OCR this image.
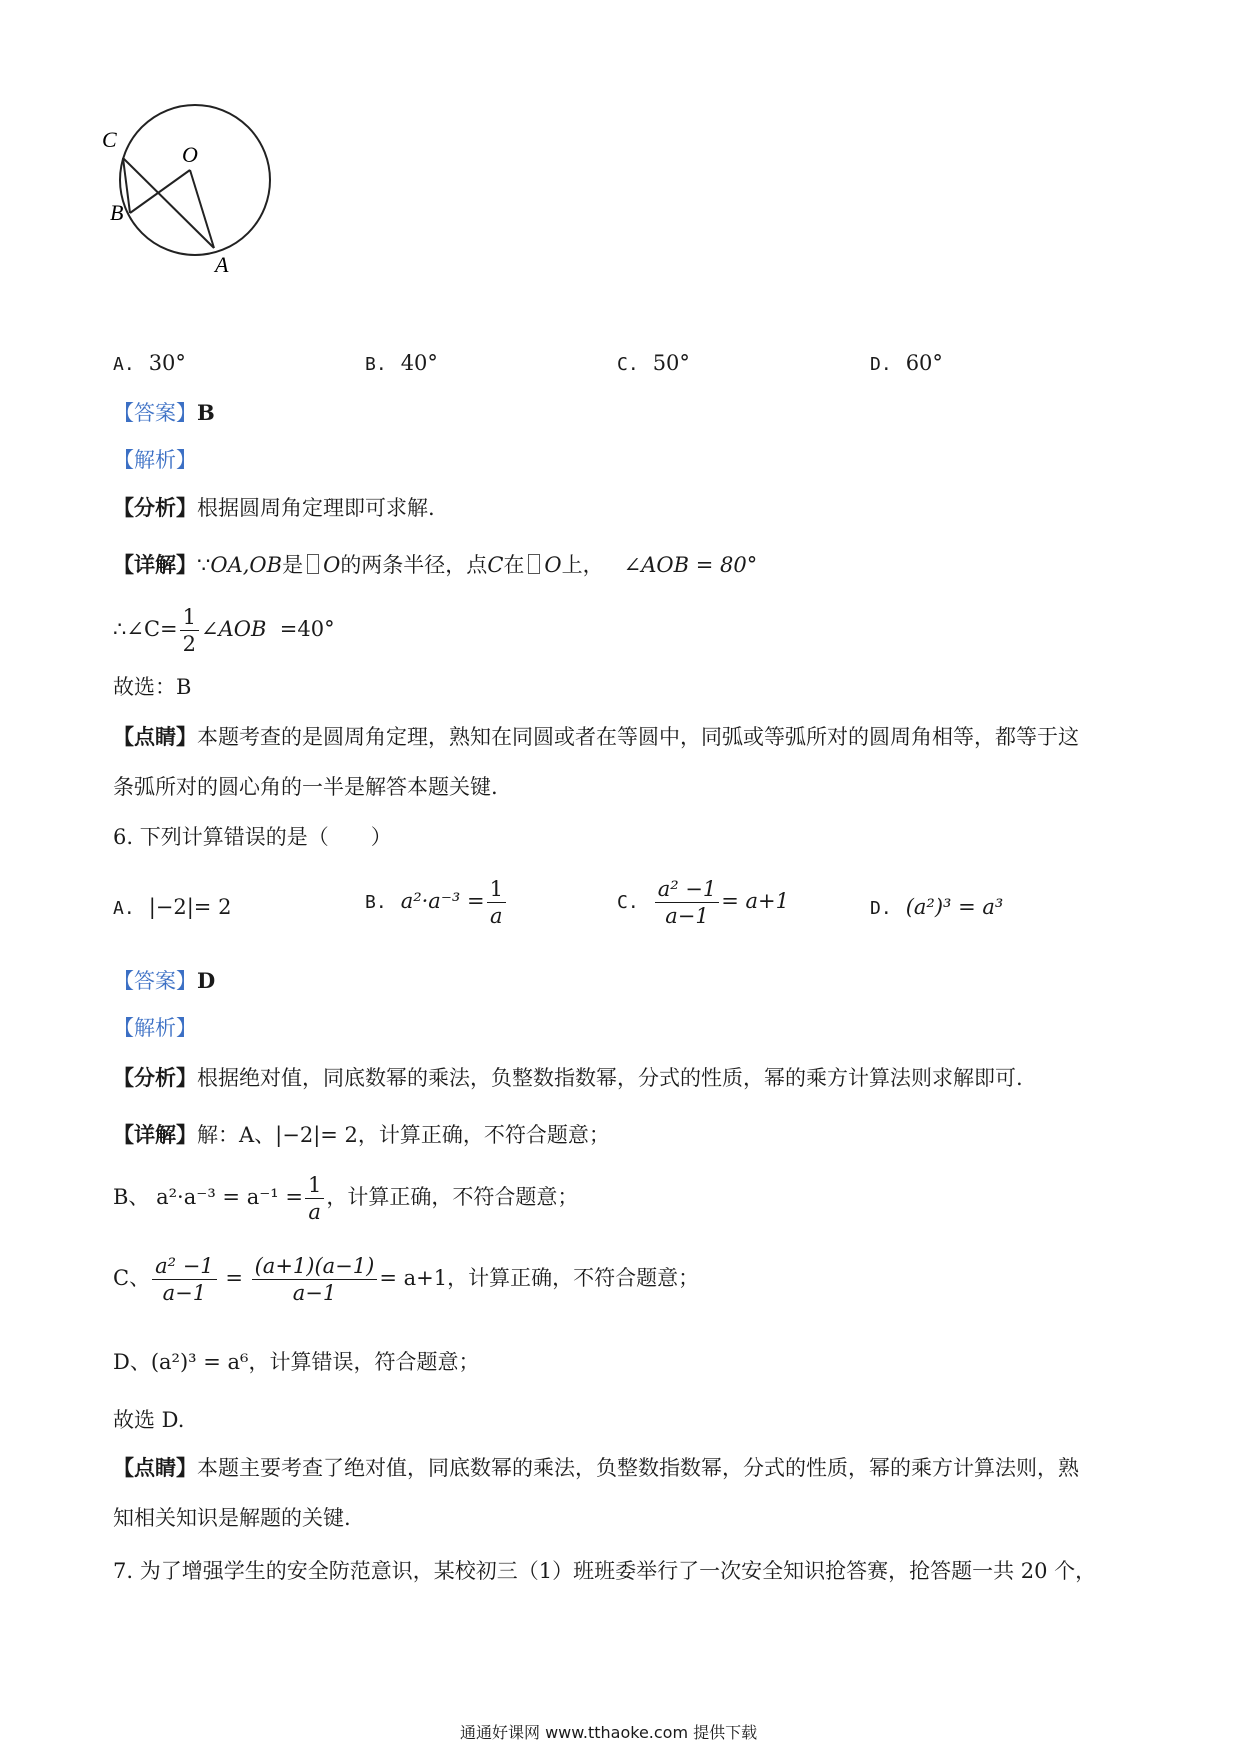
C
O
B
A
A. 30°	B. 40°	C. 50°	D. 60°
【答案】B
【解析】
【分析】根据圆周角定理即可求解.
【详解】∵OA,OB是 O的两条半径，点C在 O上， ∠AOB = 80°
∴∠C= $\frac{1}{2}$ ∠AOB =40°
故选：B
【点睛】本题考查的是圆周角定理，熟知在同圆或者在等圆中，同弧或等弧所对的圆周角相等，都等于这
条弧所对的圆心角的一半是解答本题关键.
6. 下列计算错误的是（　　）
A. |−2|= 2	B. $a^2\cdot a^{-3} = \frac{1}{a}$	C. $\frac{\text{a² −1}}{a-1} = a+1$	D. (a²)³ = a³
【答案】D
【解析】
【分析】根据绝对值，同底数幂的乘法，负整数指数幂，分式的性质，幂的乘方计算法则求解即可.
【详解】解：A、|−2|= 2，计算正确，不符合题意；
B、 $a^2\cdot a^{-3} = a^{-1} = \frac{1}{a}$ ，计算正确，不符合题意；
C、 $\frac{\text{a² −1}}{a-1} = \frac{(a+1)(a-1)}{a-1} = a+1$，计算正确，不符合题意；
D、(a²)³ = a⁶，计算错误，符合题意；
故选 D.
【点睛】本题主要考查了绝对值，同底数幂的乘法，负整数指数幂，分式的性质，幂的乘方计算法则，熟
知相关知识是解题的关键.
7. 为了增强学生的安全防范意识，某校初三（1）班班委举行了一次安全知识抢答赛，抢答题一共 20 个，
通通好课网 www.tthaoke.com 提供下载
